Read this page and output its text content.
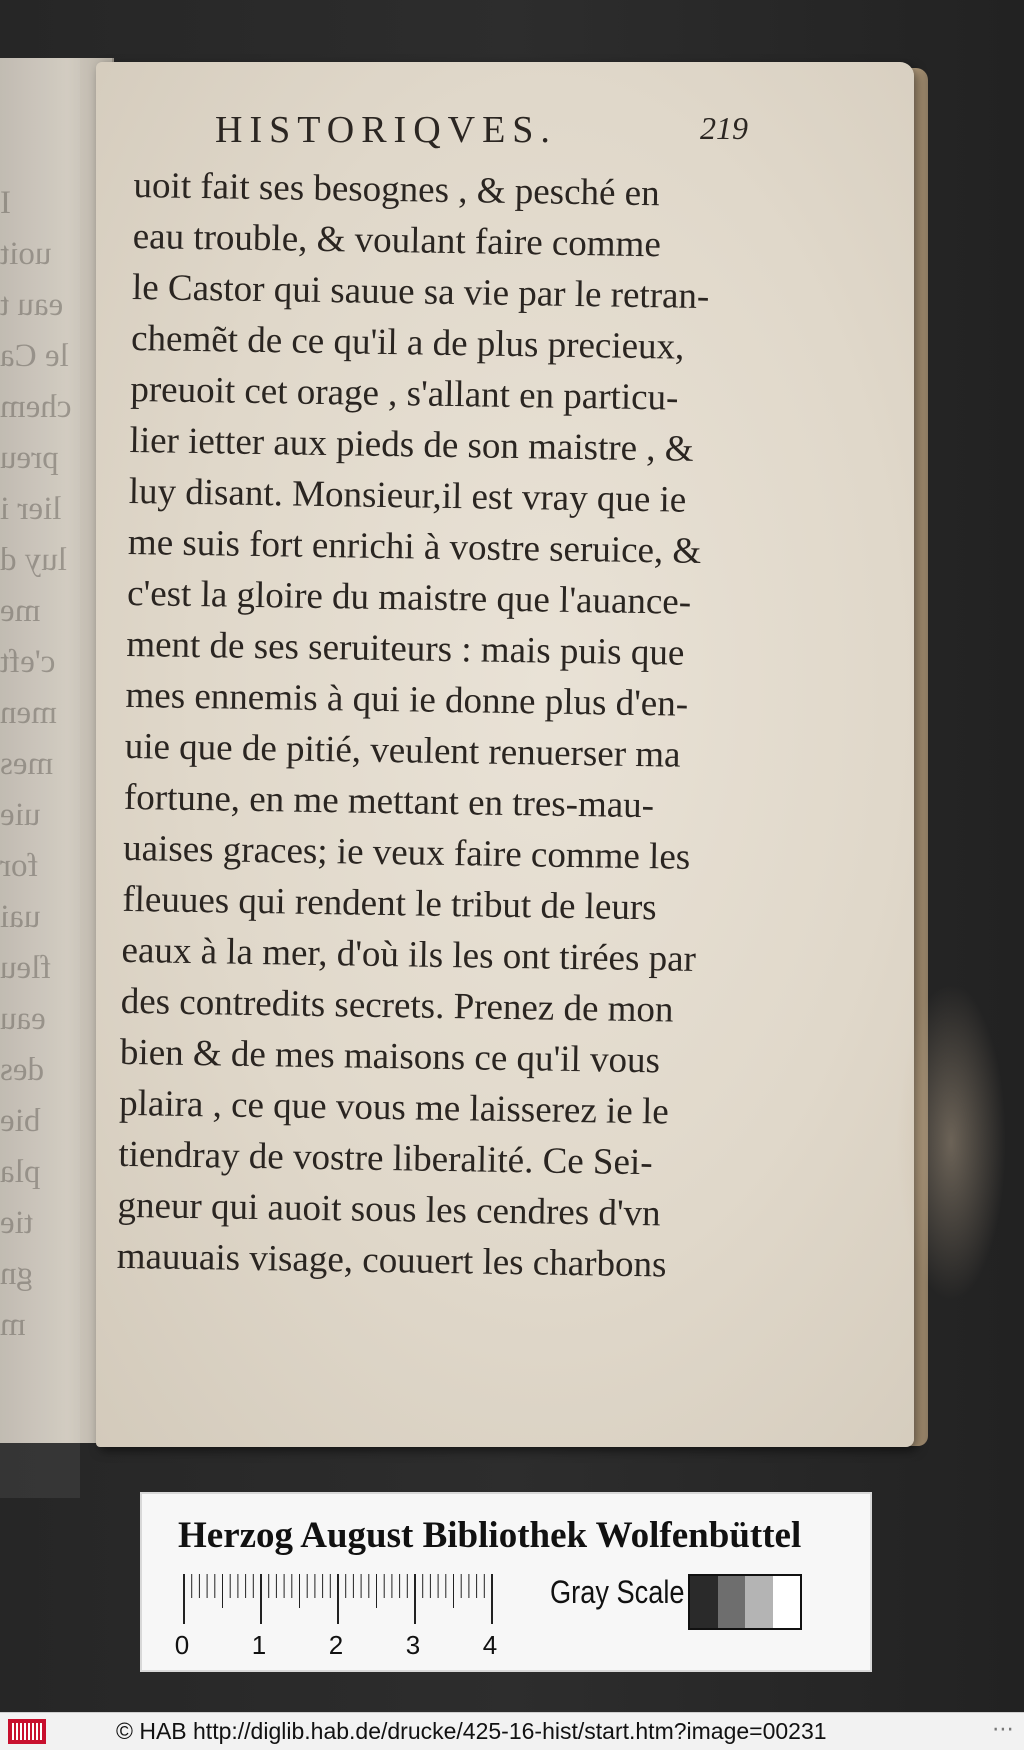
I
uoit
eau t
le Ca
chem
preu
lier i
luy d
me
c'eft
men
mes
uie
for
uai
fleu
eau
des
bie
pla
tie
gn
m
HISTORIQVES.	219
uoit fait ses besognes , & pesché en
eau trouble, & voulant faire comme
le Castor qui sauue sa vie par le retran-
chemẽt de ce qu'il a de plus precieux,
preuoit cet orage , s'allant en particu-
lier ietter aux pieds de son maistre , &
luy disant. Monsieur,il est vray que ie
me suis fort enrichi à vostre seruice, &
c'est la gloire du maistre que l'auance-
ment de ses seruiteurs : mais puis que
mes ennemis à qui ie donne plus d'en-
uie que de pitié, veulent renuerser ma
fortune, en me mettant en tres-mau-
uaises graces; ie veux faire comme les
fleuues qui rendent le tribut de leurs
eaux à la mer, d'où ils les ont tirées par
des contredits secrets. Prenez de mon
bien & de mes maisons ce qu'il vous
plaira , ce que vous me laisserez ie le
tiendray de vostre liberalité. Ce Sei-
gneur qui auoit sous les cendres d'vn
mauuais visage, couuert les charbons
Herzog August Bibliothek Wolfenbüttel
0 1 2 3 4
Gray Scale
© HAB http://diglib.hab.de/drucke/425-16-hist/start.htm?image=00231	⋯
